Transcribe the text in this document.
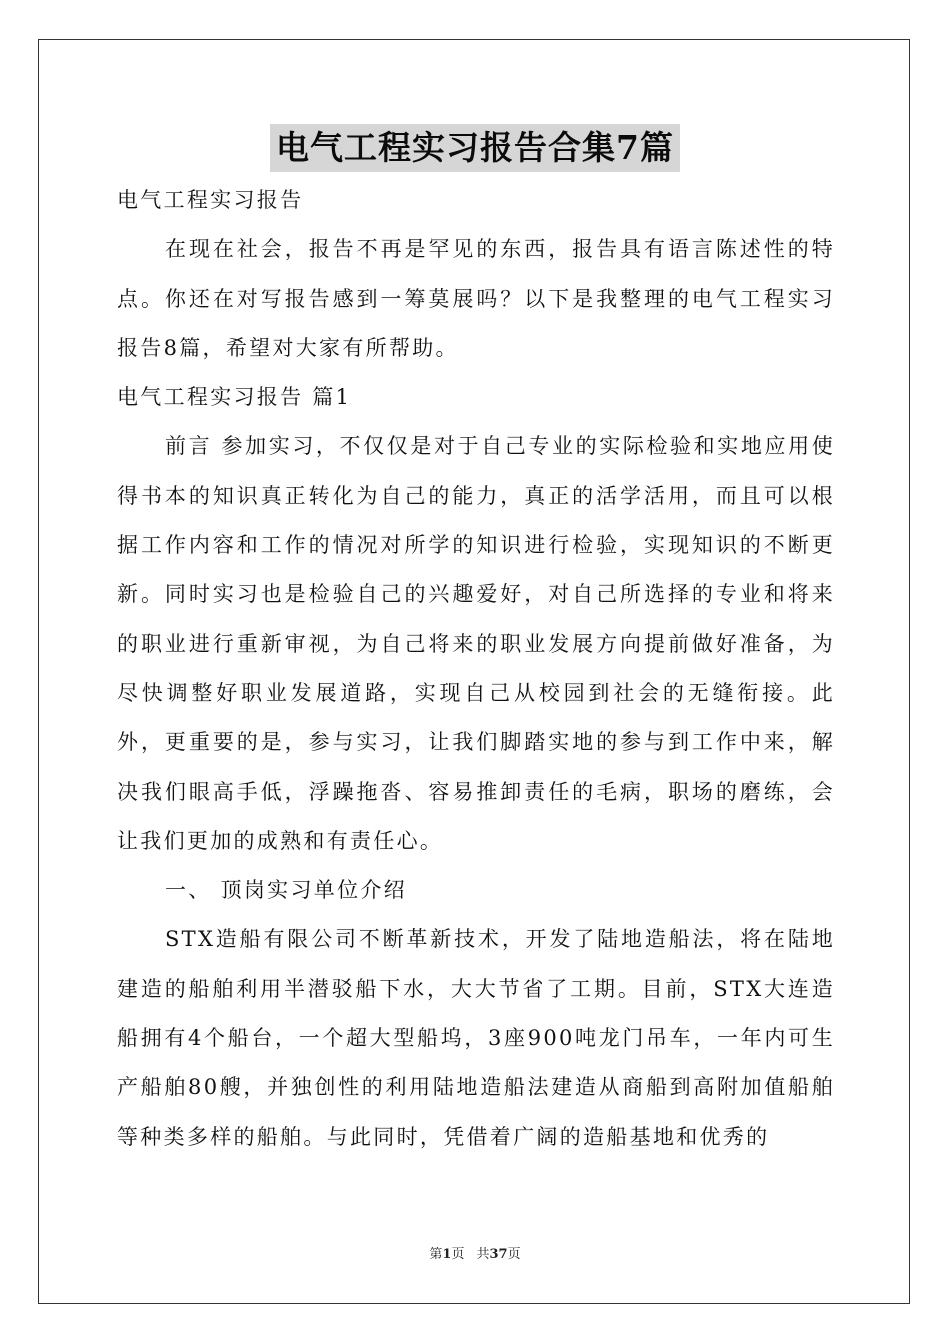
电气工程实习报告合集7篇

电气工程实习报告

在现在社会，报告不再是罕见的东西，报告具有语言陈述性的特点。你还在对写报告感到一筹莫展吗？以下是我整理的电气工程实习报告8篇，希望对大家有所帮助。

电气工程实习报告 篇1

前言 参加实习，不仅仅是对于自己专业的实际检验和实地应用使得书本的知识真正转化为自己的能力，真正的活学活用，而且可以根据工作内容和工作的情况对所学的知识进行检验，实现知识的不断更新。同时实习也是检验自己的兴趣爱好，对自己所选择的专业和将来的职业进行重新审视，为自己将来的职业发展方向提前做好准备，为尽快调整好职业发展道路，实现自己从校园到社会的无缝衔接。此外，更重要的是，参与实习，让我们脚踏实地的参与到工作中来，解决我们眼高手低，浮躁拖沓、容易推卸责任的毛病，职场的磨练，会让我们更加的成熟和有责任心。

一、 顶岗实习单位介绍

STX造船有限公司不断革新技术，开发了陆地造船法，将在陆地建造的船舶利用半潜驳船下水，大大节省了工期。目前，STX大连造船拥有4个船台，一个超大型船坞，3座900吨龙门吊车，一年内可生产船舶80艘，并独创性的利用陆地造船法建造从商船到高附加值船舶等种类多样的船舶。与此同时，凭借着广阔的造船基地和优秀的

第1页 共37页
